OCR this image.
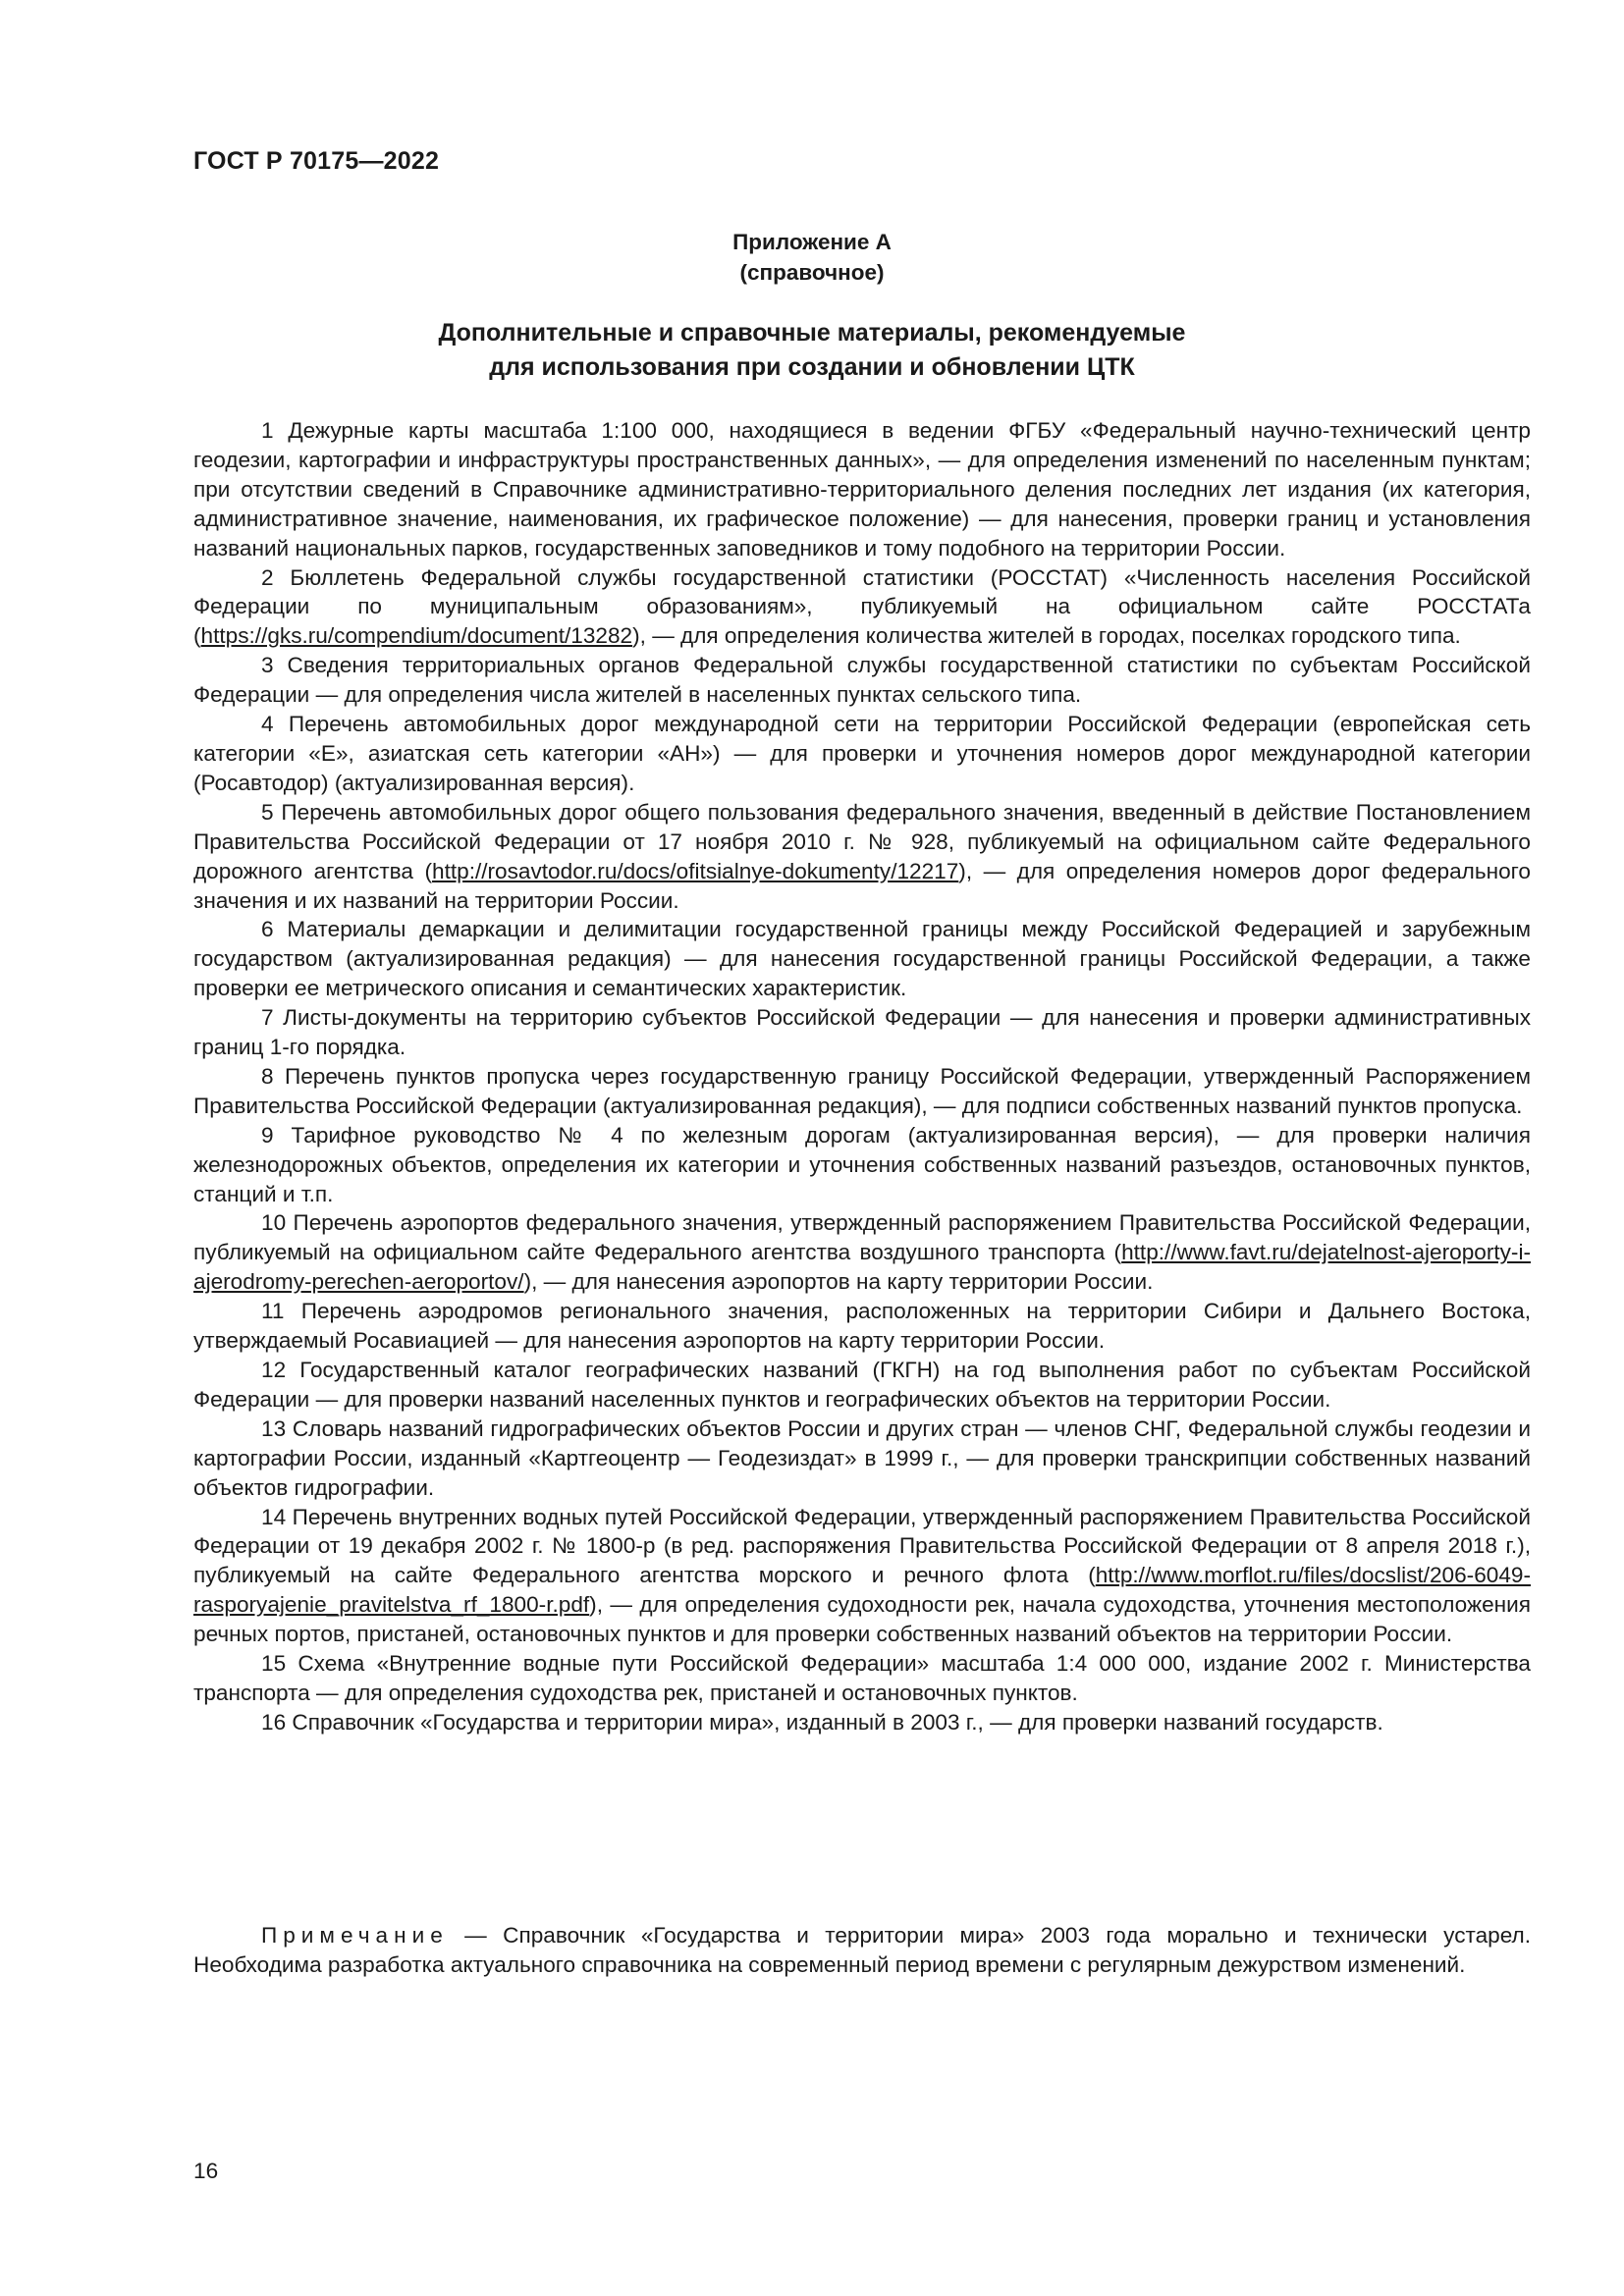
ГОСТ Р 70175—2022
Приложение А
(справочное)
Дополнительные и справочные материалы, рекомендуемые
для использования при создании и обновлении ЦТК

1 Дежурные карты масштаба 1:100 000, находящиеся в ведении ФГБУ «Федеральный научно-технический центр геодезии, картографии и инфраструктуры пространственных данных», — для определения изменений по населенным пунктам; при отсутствии сведений в Справочнике административно-территориального деления последних лет издания (их категория, административное значение, наименования, их графическое положение) — для нанесения, проверки границ и установления названий национальных парков, государственных заповедников и тому подобного на территории России.

2 Бюллетень Федеральной службы государственной статистики (РОССТАТ) «Численность населения Российской Федерации по муниципальным образованиям», публикуемый на официальном сайте РОССТАТа (https://gks.ru/compendium/document/13282), — для определения количества жителей в городах, поселках городского типа.

3 Сведения территориальных органов Федеральной службы государственной статистики по субъектам Российской Федерации — для определения числа жителей в населенных пунктах сельского типа.

4 Перечень автомобильных дорог международной сети на территории Российской Федерации (европейская сеть категории «Е», азиатская сеть категории «АН») — для проверки и уточнения номеров дорог международной категории (Росавтодор) (актуализированная версия).

5 Перечень автомобильных дорог общего пользования федерального значения, введенный в действие Постановлением Правительства Российской Федерации от 17 ноября 2010 г. № 928, публикуемый на официальном сайте Федерального дорожного агентства (http://rosavtodor.ru/docs/ofitsialnye-dokumenty/12217), — для определения номеров дорог федерального значения и их названий на территории России.

6 Материалы демаркации и делимитации государственной границы между Российской Федерацией и зарубежным государством (актуализированная редакция) — для нанесения государственной границы Российской Федерации, а также проверки ее метрического описания и семантических характеристик.

7 Листы-документы на территорию субъектов Российской Федерации — для нанесения и проверки административных границ 1-го порядка.

8 Перечень пунктов пропуска через государственную границу Российской Федерации, утвержденный Распоряжением Правительства Российской Федерации (актуализированная редакция), — для подписи собственных названий пунктов пропуска.

9 Тарифное руководство № 4 по железным дорогам (актуализированная версия), — для проверки наличия железнодорожных объектов, определения их категории и уточнения собственных названий разъездов, остановочных пунктов, станций и т.п.

10 Перечень аэропортов федерального значения, утвержденный распоряжением Правительства Российской Федерации, публикуемый на официальном сайте Федерального агентства воздушного транспорта (http://www.favt.ru/dejatelnost-ajeroporty-i-ajerodromy-perechen-aeroportov/), — для нанесения аэропортов на карту территории России.

11 Перечень аэродромов регионального значения, расположенных на территории Сибири и Дальнего Востока, утверждаемый Росавиацией — для нанесения аэропортов на карту территории России.

12 Государственный каталог географических названий (ГКГН) на год выполнения работ по субъектам Российской Федерации — для проверки названий населенных пунктов и географических объектов на территории России.

13 Словарь названий гидрографических объектов России и других стран — членов СНГ, Федеральной службы геодезии и картографии России, изданный «Картгеоцентр — Геодезиздат» в 1999 г., — для проверки транскрипции собственных названий объектов гидрографии.

14 Перечень внутренних водных путей Российской Федерации, утвержденный распоряжением Правительства Российской Федерации от 19 декабря 2002 г. № 1800-р (в ред. распоряжения Правительства Российской Федерации от 8 апреля 2018 г.), публикуемый на сайте Федерального агентства морского и речного флота (http://www.morflot.ru/files/docslist/206-6049-rasporyajenie_pravitelstva_rf_1800-r.pdf), — для определения судоходности рек, начала судоходства, уточнения местоположения речных портов, пристаней, остановочных пунктов и для проверки собственных названий объектов на территории России.

15 Схема «Внутренние водные пути Российской Федерации» масштаба 1:4 000 000, издание 2002 г. Министерства транспорта — для определения судоходства рек, пристаней и остановочных пунктов.

16 Справочник «Государства и территории мира», изданный в 2003 г., — для проверки названий государств.

Примечание — Справочник «Государства и территории мира» 2003 года морально и технически устарел. Необходима разработка актуального справочника на современный период времени с регулярным дежурством изменений.

16
